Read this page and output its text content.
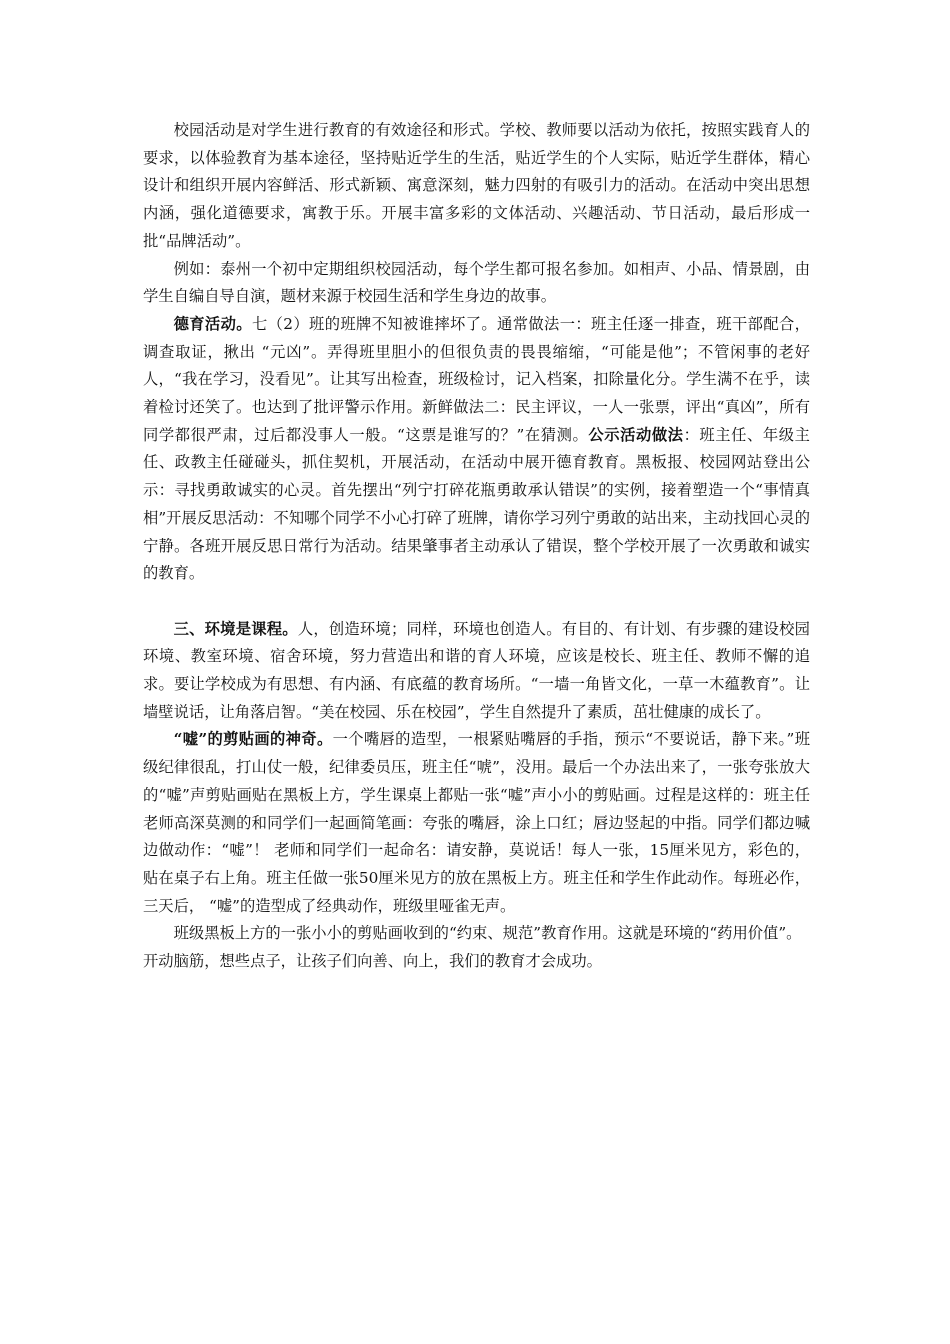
校园活动是对学生进行教育的有效途径和形式。学校、教师要以活动为依托，按照实践育人的要求，以体验教育为基本途径，坚持贴近学生的生活，贴近学生的个人实际，贴近学生群体，精心设计和组织开展内容鲜活、形式新颖、寓意深刻，魅力四射的有吸引力的活动。在活动中突出思想内涵，强化道德要求，寓教于乐。开展丰富多彩的文体活动、兴趣活动、节日活动，最后形成一批“品牌活动”。

例如：泰州一个初中定期组织校园活动，每个学生都可报名参加。如相声、小品、情景剧，由学生自编自导自演，题材来源于校园生活和学生身边的故事。

德育活动。七（2）班的班牌不知被谁摔坏了。通常做法一：班主任逐一排查，班干部配合，调查取证，揪出 “元凶”。弄得班里胆小的但很负责的畏畏缩缩，“可能是他”；不管闲事的老好人，“我在学习，没看见”。让其写出检查，班级检讨，记入档案，扣除量化分。学生满不在乎，读着检讨还笑了。也达到了批评警示作用。新鲜做法二：民主评议，一人一张票，评出“真凶”，所有同学都很严肃，过后都没事人一般。“这票是谁写的？”在猜测。公示活动做法：班主任、年级主任、政教主任碰碰头，抓住契机，开展活动，在活动中展开德育教育。黑板报、校园网站登出公示：寻找勇敢诚实的心灵。首先摆出“列宁打碎花瓶勇敢承认错误”的实例，接着塑造一个“事情真相”开展反思活动：不知哪个同学不小心打碎了班牌，请你学习列宁勇敢的站出来，主动找回心灵的宁静。各班开展反思日常行为活动。结果肇事者主动承认了错误，整个学校开展了一次勇敢和诚实的教育。

三、环境是课程。人，创造环境；同样，环境也创造人。有目的、有计划、有步骤的建设校园环境、教室环境、宿舍环境，努力营造出和谐的育人环境，应该是校长、班主任、教师不懈的追求。要让学校成为有思想、有内涵、有底蕴的教育场所。“一墙一角皆文化，一草一木蕴教育”。让墙壁说话，让角落启智。“美在校园、乐在校园”，学生自然提升了素质，茁壮健康的成长了。

“嘘”的剪贴画的神奇。一个嘴唇的造型，一根紧贴嘴唇的手指，预示“不要说话，静下来。”班级纪律很乱，打山仗一般，纪律委员压，班主任“唬”，没用。最后一个办法出来了，一张夸张放大的“嘘”声剪贴画贴在黑板上方，学生课桌上都贴一张“嘘”声小小的剪贴画。过程是这样的：班主任老师高深莫测的和同学们一起画简笔画：夸张的嘴唇，涂上口红；唇边竖起的中指。同学们都边喊边做动作：“嘘”！ 老师和同学们一起命名：请安静，莫说话！每人一张，15厘米见方，彩色的，贴在桌子右上角。班主任做一张50厘米见方的放在黑板上方。班主任和学生作此动作。每班必作，三天后， “嘘”的造型成了经典动作，班级里哑雀无声。

班级黑板上方的一张小小的剪贴画收到的“约束、规范”教育作用。这就是环境的“药用价值”。

开动脑筋，想些点子，让孩子们向善、向上，我们的教育才会成功。
